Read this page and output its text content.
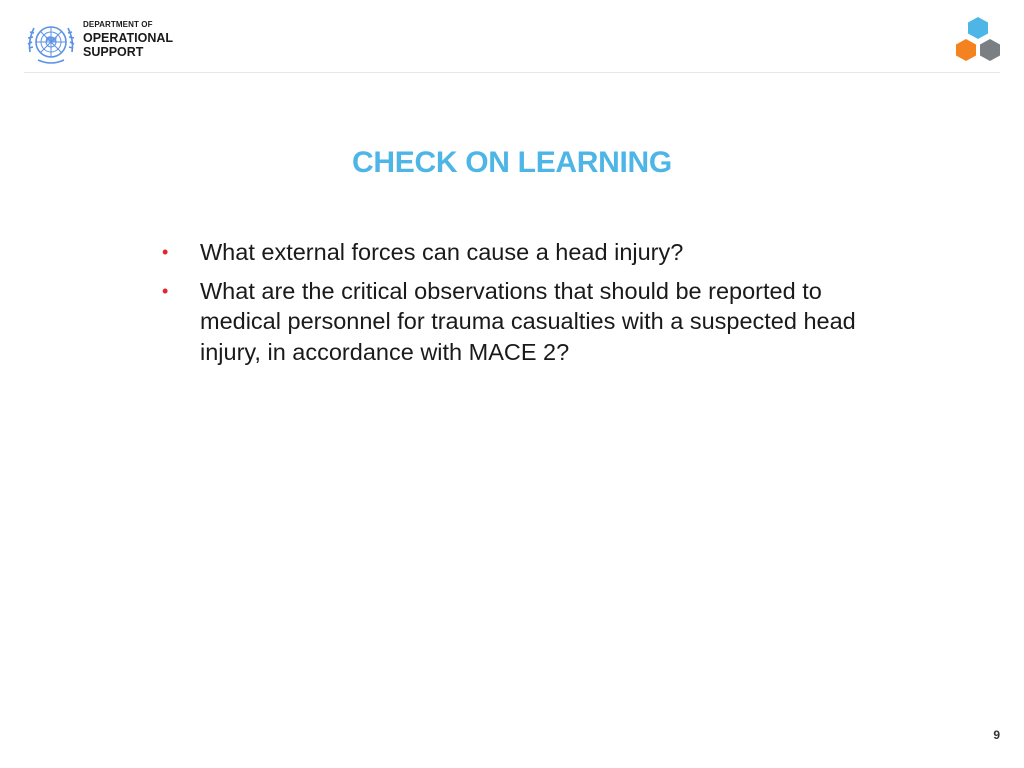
DEPARTMENT OF
OPERATIONAL
SUPPORT
CHECK ON LEARNING
• What external forces can cause a head injury?
• What are the critical observations that should be reported to medical personnel for trauma casualties with a suspected head injury, in accordance with MACE 2?
9
